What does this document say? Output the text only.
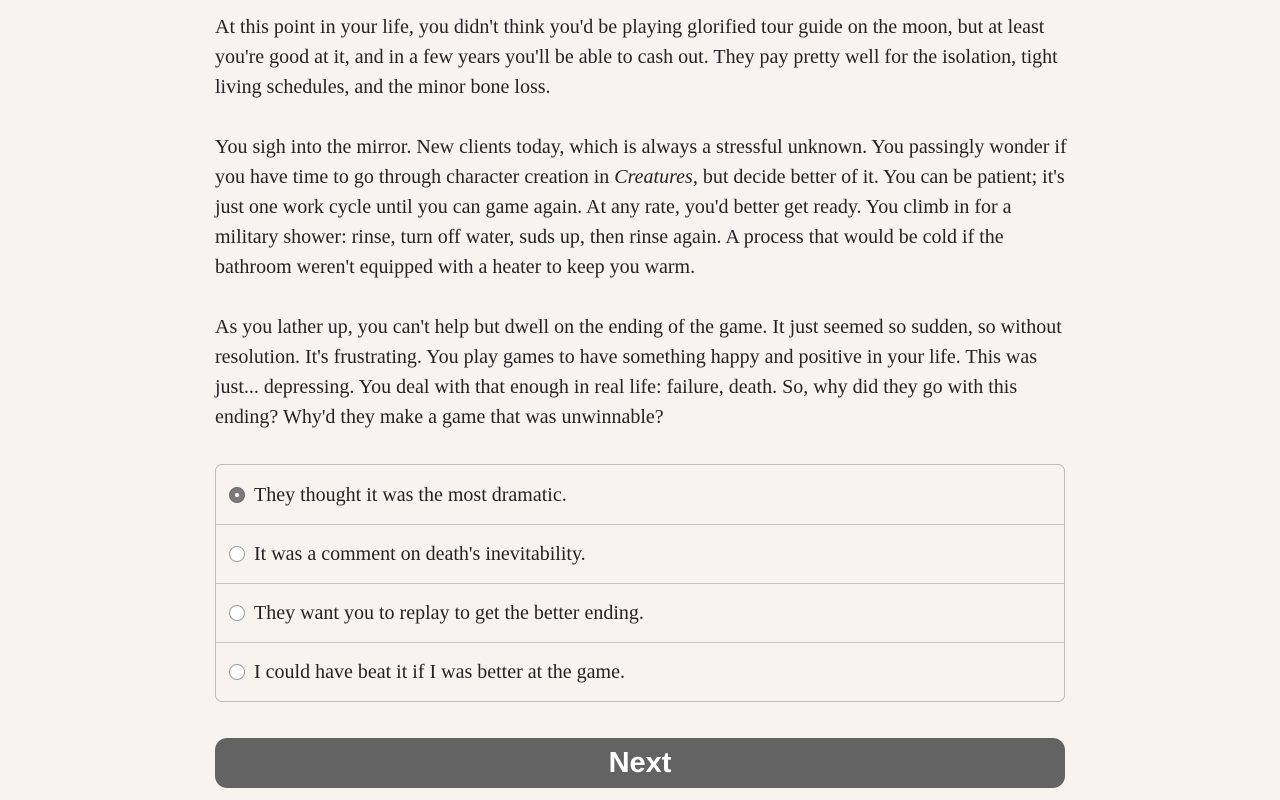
At this point in your life, you didn't think you'd be playing glorified tour guide on the moon, but at least you're good at it, and in a few years you'll be able to cash out. They pay pretty well for the isolation, tight living schedules, and the minor bone loss.

You sigh into the mirror. New clients today, which is always a stressful unknown. You passingly wonder if you have time to go through character creation in Creatures, but decide better of it. You can be patient; it's just one work cycle until you can game again. At any rate, you'd better get ready. You climb in for a military shower: rinse, turn off water, suds up, then rinse again. A process that would be cold if the bathroom weren't equipped with a heater to keep you warm.

As you lather up, you can't help but dwell on the ending of the game. It just seemed so sudden, so without resolution. It's frustrating. You play games to have something happy and positive in your life. This was just... depressing. You deal with that enough in real life: failure, death. So, why did they go with this ending? Why'd they make a game that was unwinnable?

They thought it was the most dramatic.
It was a comment on death's inevitability.
They want you to replay to get the better ending.
I could have beat it if I was better at the game.
Next
